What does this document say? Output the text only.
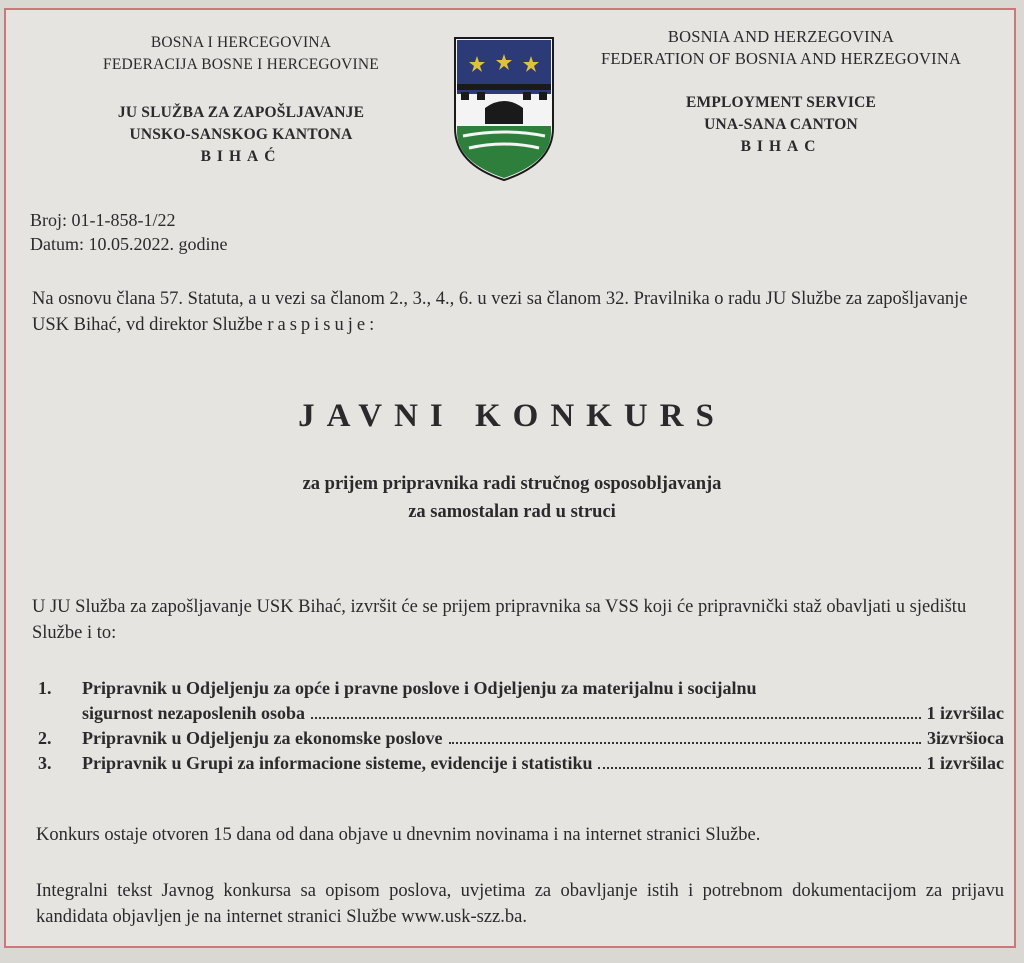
BOSNA I HERCEGOVINA
FEDERACIJA BOSNE I HERCEGOVINE
JU SLUŽBA ZA ZAPOŠLJAVANJE
UNSKO-SANSKOG KANTONA
BIHAĆ
BOSNIA AND HERZEGOVINA
FEDERATION OF BOSNIA AND HERZEGOVINA
EMPLOYMENT SERVICE
UNA-SANA CANTON
BIHAC
Broj: 01-1-858-1/22
Datum: 10.05.2022. godine
Na osnovu člana 57. Statuta, a u vezi sa članom 2., 3., 4., 6. u vezi sa članom 32. Pravilnika o radu JU Službe za zapošljavanje USK Bihać, vd direktor Službe raspisuje:
JAVNI KONKURS
za prijem pripravnika radi stručnog osposobljavanja
za samostalan rad u struci
U JU Služba za zapošljavanje USK Bihać, izvršit će se prijem pripravnika sa VSS koji će pripravnički staž obavljati u sjedištu Službe i to:
1.	Pripravnik u Odjeljenju za opće i pravne poslove i Odjeljenju za materijalnu i socijalnu
sigurnost nezaposlenih osoba	1 izvršilac
2.	Pripravnik u Odjeljenju za ekonomske poslove	3izvršioca
3.	Pripravnik u Grupi za informacione sisteme, evidencije i statistiku	1 izvršilac
Konkurs ostaje otvoren 15 dana od dana objave u dnevnim novinama i na internet stranici Službe.
Integralni tekst Javnog konkursa sa opisom poslova, uvjetima za obavljanje istih i potrebnom dokumentacijom za prijavu kandidata objavljen je na internet stranici Službe www.usk-szz.ba.
